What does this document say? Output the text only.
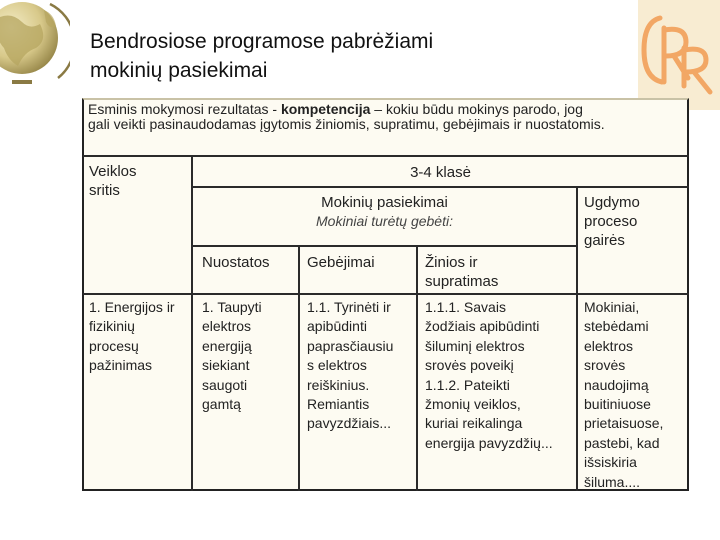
Bendrosiose programose pabrėžiami
mokinių pasiekimai
Esminis mokymosi rezultatas - kompetencija – kokiu būdu mokinys parodo, jog
gali veikti pasinaudodamas įgytomis žiniomis, supratimu, gebėjimais ir nuostatomis.
Veiklos
sritis
3-4 klasė
Mokinių pasiekimai
Mokiniai turėtų gebėti:
Ugdymo
proceso
gairės
Nuostatos Gebėjimai	Žinios ir
supratimas
1. Energijos ir
fizikinių
procesų
pažinimas
1. Taupyti
elektros
energiją
siekiant
saugoti
gamtą
1.1. Tyrinėti ir
apibūdinti
paprasčiausiu
s elektros
reiškinius.
Remiantis
pavyzdžiais...
1.1.1. Savais
žodžiais apibūdinti
šiluminį elektros
srovės poveikį
1.1.2. Pateikti
žmonių veiklos,
kuriai reikalinga
energija pavyzdžių...
Mokiniai,
stebėdami
elektros
srovės
naudojimą
buitiniuose
prietaisuose,
pastebi, kad
išsiskiria
šiluma....
